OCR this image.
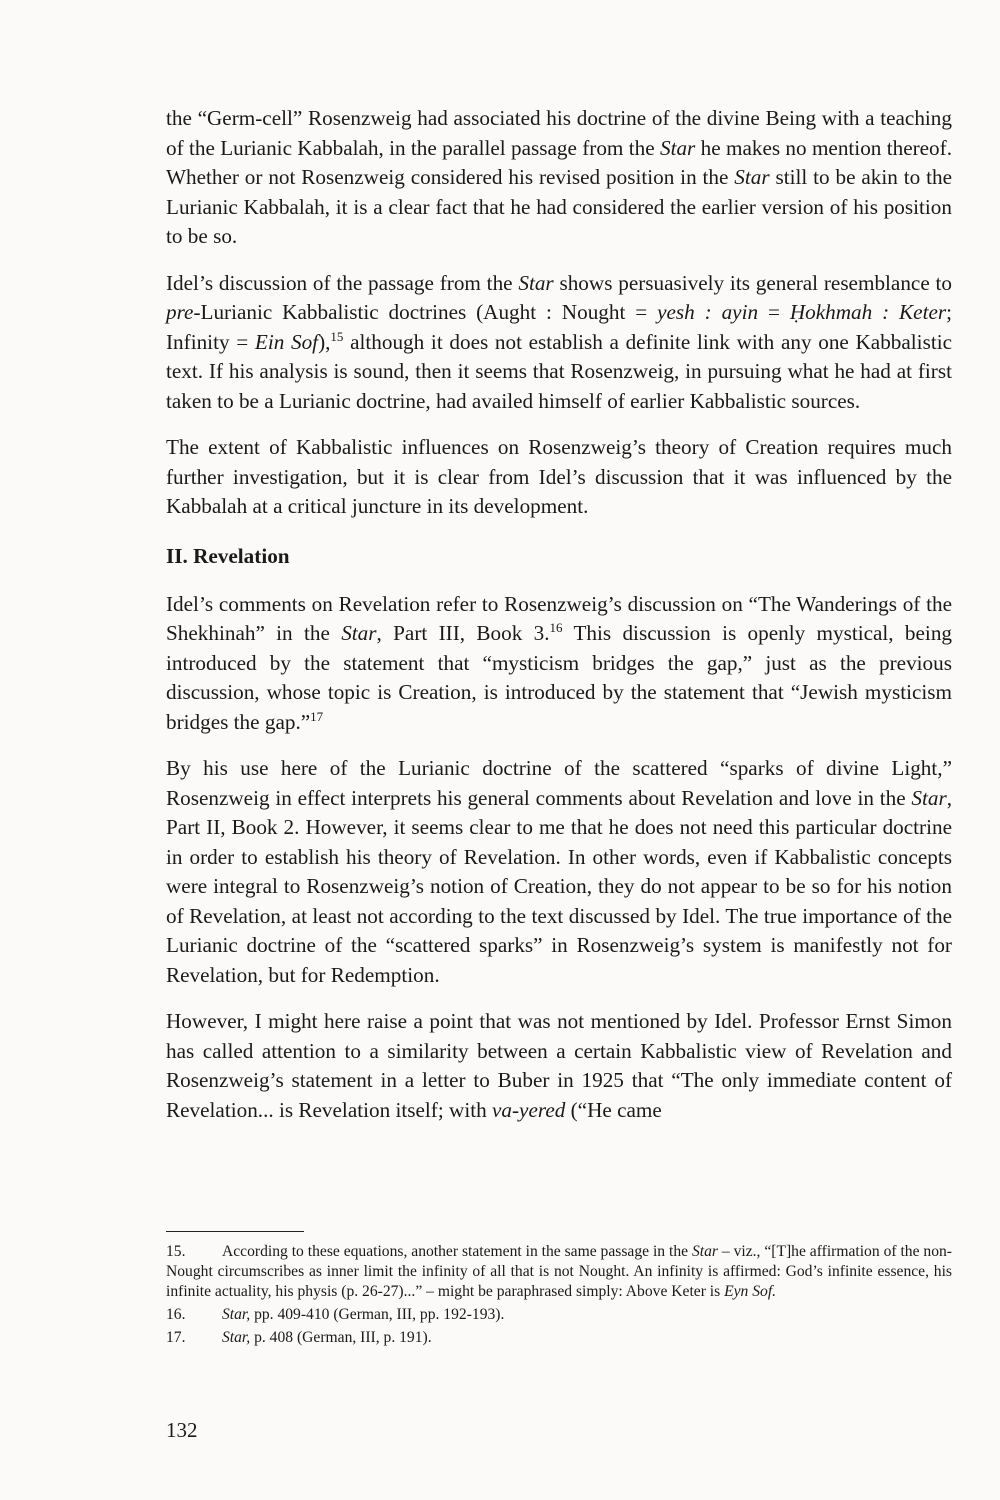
the “Germ-cell” Rosenzweig had associated his doctrine of the divine Being with a teaching of the Lurianic Kabbalah, in the parallel passage from the Star he makes no mention thereof. Whether or not Rosenzweig considered his revised position in the Star still to be akin to the Lurianic Kabbalah, it is a clear fact that he had considered the earlier version of his position to be so.

Idel’s discussion of the passage from the Star shows persuasively its general resemblance to pre-Lurianic Kabbalistic doctrines (Aught : Nought = yesh : ayin = Ḥokhmah : Keter; Infinity = Ein Sof),$^{15}$ although it does not establish a definite link with any one Kabbalistic text. If his analysis is sound, then it seems that Rosenzweig, in pursuing what he had at first taken to be a Lurianic doctrine, had availed himself of earlier Kabbalistic sources.

The extent of Kabbalistic influences on Rosenzweig’s theory of Creation requires much further investigation, but it is clear from Idel’s discussion that it was influenced by the Kabbalah at a critical juncture in its development.

II. Revelation

Idel’s comments on Revelation refer to Rosenzweig’s discussion on “The Wanderings of the Shekhinah” in the Star, Part III, Book 3.16 This discussion is openly mystical, being introduced by the statement that “mysticism bridges the gap,” just as the previous discussion, whose topic is Creation, is introduced by the statement that “Jewish mysticism bridges the gap.”$^{17}$

By his use here of the Lurianic doctrine of the scattered “sparks of divine Light,” Rosenzweig in effect interprets his general comments about Revelation and love in the Star, Part II, Book 2. However, it seems clear to me that he does not need this particular doctrine in order to establish his theory of Revelation. In other words, even if Kabbalistic concepts were integral to Rosenzweig’s notion of Creation, they do not appear to be so for his notion of Revelation, at least not according to the text discussed by Idel. The true importance of the Lurianic doctrine of the “scattered sparks” in Rosenzweig’s system is manifestly not for Revelation, but for Redemption.

However, I might here raise a point that was not mentioned by Idel. Professor Ernst Simon has called attention to a similarity between a certain Kabbalistic view of Revelation and Rosenzweig’s statement in a letter to Buber in 1925 that “The only immediate content of Revelation... is Revelation itself; with va-yered (“He came

15. According to these equations, another statement in the same passage in the Star – viz., “[T]he affirmation of the non-Nought circumscribes as inner limit the infinity of all that is not Nought. An infinity is affirmed: God’s infinite essence, his infinite actuality, his physis (p. 26-27)...” – might be paraphrased simply: Above Keter is Eyn Sof.
16. Star, pp. 409-410 (German, III, pp. 192-193).
17. Star, p. 408 (German, III, p. 191).
132
